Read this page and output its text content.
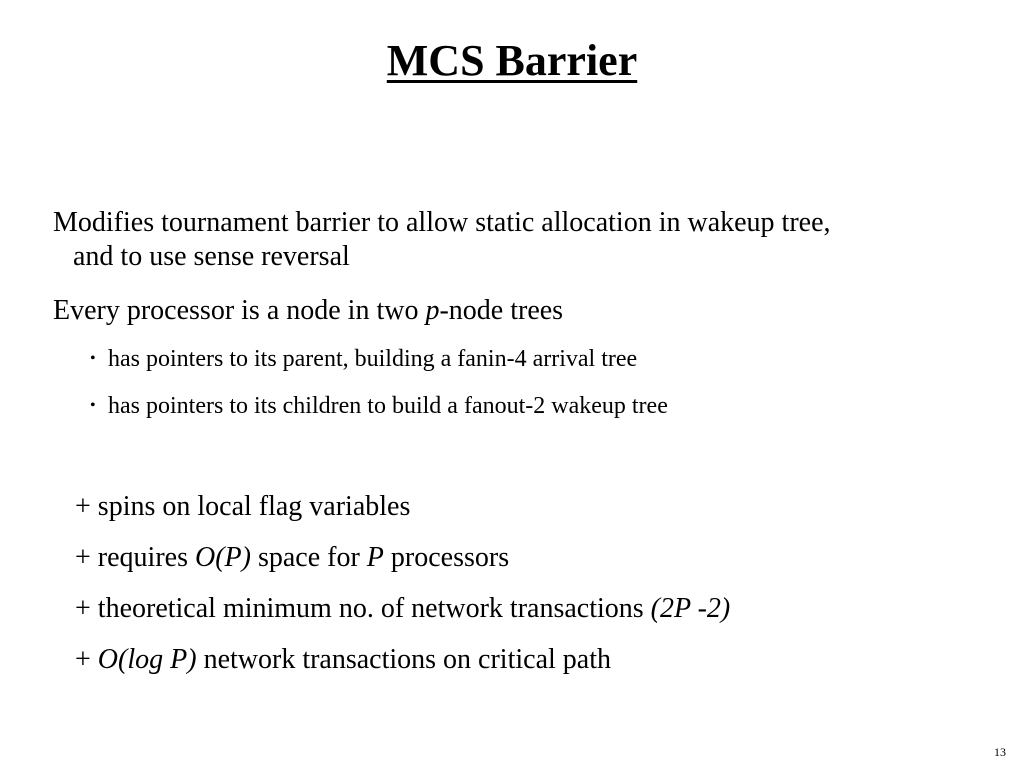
MCS Barrier
Modifies tournament barrier to allow static allocation in wakeup tree,
and to use sense reversal
Every processor is a node in two p-node trees
• has pointers to its parent, building a fanin-4 arrival tree
• has pointers to its children to build a fanout-2 wakeup tree
+ spins on local flag variables
+ requires O(P) space for P processors
+ theoretical minimum no. of network transactions (2P -2)
+ O(log P) network transactions on critical path
13
